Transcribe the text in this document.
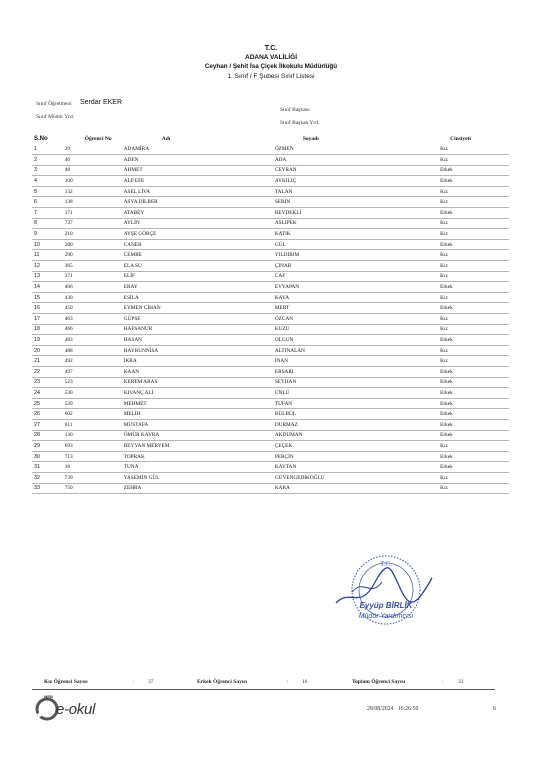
T.C.
ADANA VALİLİĞİ
Ceyhan / Şehit İsa Çiçek İlkokulu Müdürlüğü
1. Sınıf / F Şubesi Sınıf Listesi
Sınıf Öğretmeni Serdar EKER
Sınıf Müdür Yrd.
Sınıf Başkanı
Sınıf Başkan Yrd.
S.No	Öğrenci No	Adı	Soyadı	Cinsiyeti
1	29	ADAMİRA	ÖZMEN	Kız
2	46	ADEN	ADA	Kız
3	48	AHMET	CEYRAN	Erkek
4	100	ALP EFE	AYKILIÇ	Erkek
5	132	ASEL LİVA	TALAN	Kız
6	138	ASYA DİLBER	SERİN	Kız
7	171	ATABEY	BEYDEKLİ	Erkek
8	737	AYLİN	ASLIPEK	Kız
9	210	AYŞE GÖRÇE	KATIK	Kız
10	280	CANER	GÜL	Erkek
11	290	CEMRE	YILDIRIM	Kız
12	365	ELA SU	ÇINAR	Kız
13	371	ELİF	CAF	Kız
14	406	ERAY	EVYAPAN	Erkek
15	430	ESİLA	KAYA	Kız
16	450	EYMEN CİHAN	MERT	Erkek
17	463	GÜPSE	ÖZCAN	Kız
18	466	HAFSANUR	KUZU	Kız
19	483	HASAN	OLGUN	Erkek
20	488	HAYRUNNİSA	ALTINALAN	Kız
21	492	İKRA	İNAN	Kız
22	497	KAAN	ERSARI	Erkek
23	523	KEREM ARAS	SEYHAN	Erkek
24	530	KIVANÇ ALİ	ÜNLÜ	Erkek
25	539	MEHMET	TUFAN	Erkek
26	602	MELİH	BÜLBÜL	Erkek
27	611	MUSTAFA	DURMAZ	Erkek
28	130	ÖMÜR KAYRA	AKDUMAN	Erkek
29	693	BEYYAN MERYEM	ÇEÇEK	Kız
30	713	TOPRAK	PERÇİN	Erkek
31	18	TUNA	KAYTAN	Erkek
32	739	YASEMİN GÜL	GÜVENGEDİKOĞLU	Kız
33	750	ZEHRA	KARA	Kız
T.C.
Eyyüp BİRLİK
Müdür Yardımcısı
Kız Öğrenci Sayısı	: 37	Erkek Öğrenci Sayısı	: 16	Toplam Öğrenci Sayısı	:	33
MEB
e-okul	28/08/2024   16:26:50	6
